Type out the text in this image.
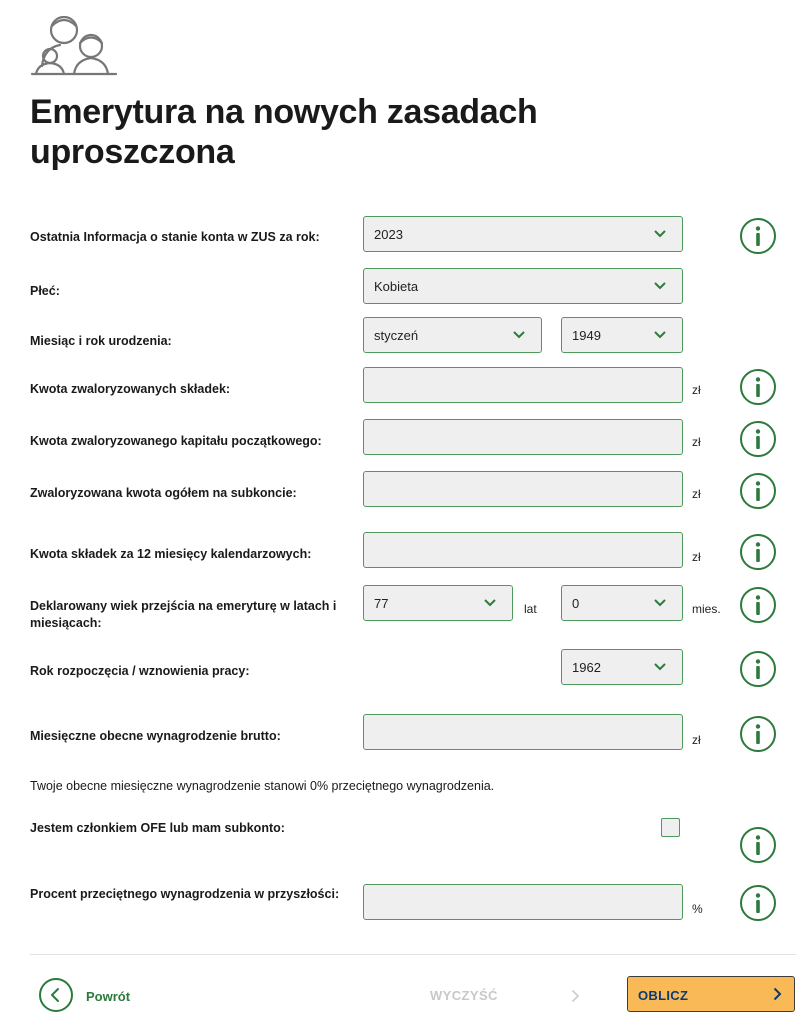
Emerytura na nowych zasadach
uproszczona
Ostatnia Informacja o stanie konta w ZUS za rok:	2023
Płeć:	Kobieta
Miesiąc i rok urodzenia:	styczeń	1949
Kwota zwaloryzowanych składek:	zł
Kwota zwaloryzowanego kapitału początkowego:	zł
Zwaloryzowana kwota ogółem na subkoncie:	zł
Kwota składek za 12 miesięcy kalendarzowych:	zł
Deklarowany wiek przejścia na emeryturę w latach i
miesiącach:
77	lat	0	mies.
Rok rozpoczęcia / wznowienia pracy:	1962
Miesięczne obecne wynagrodzenie brutto:	zł
Twoje obecne miesięczne wynagrodzenie stanowi 0% przeciętnego wynagrodzenia.
Jestem członkiem OFE lub mam subkonto:
Procent przeciętnego wynagrodzenia w przyszłości:
%
Powrót	WYCZYŚĆ	OBLICZ
